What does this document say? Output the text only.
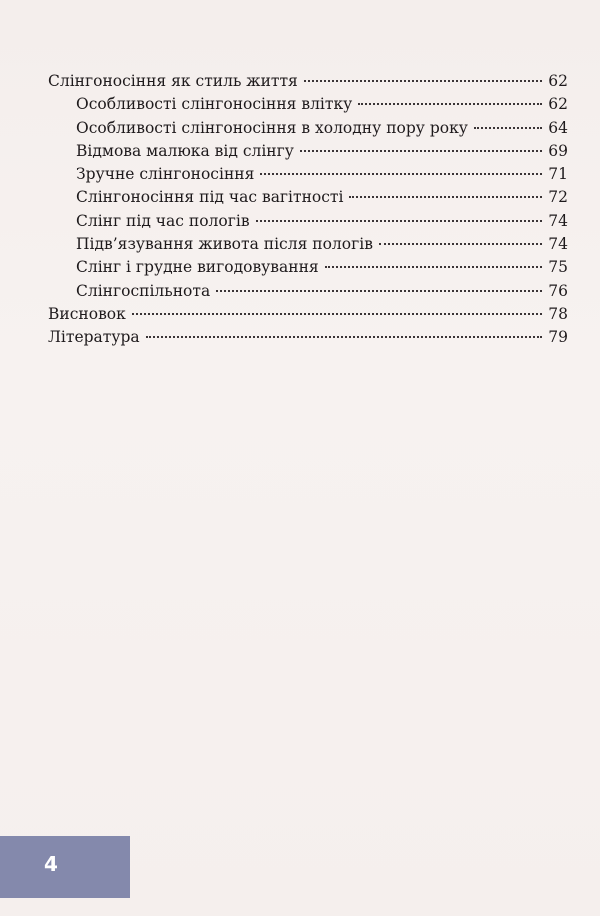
Слінгоносіння як стиль життя	62
Особливості слінгоносіння влітку	62
Особливості слінгоносіння в холодну пору року	64
Відмова малюка від слінгу	69
Зручне слінгоносіння	71
Слінгоносіння під час вагітності	72
Слінг під час пологів	74
Підв’язування живота після пологів	74
Слінг і грудне вигодовування	75
Слінгоспільнота	76
Висновок	78
Література	79
4
